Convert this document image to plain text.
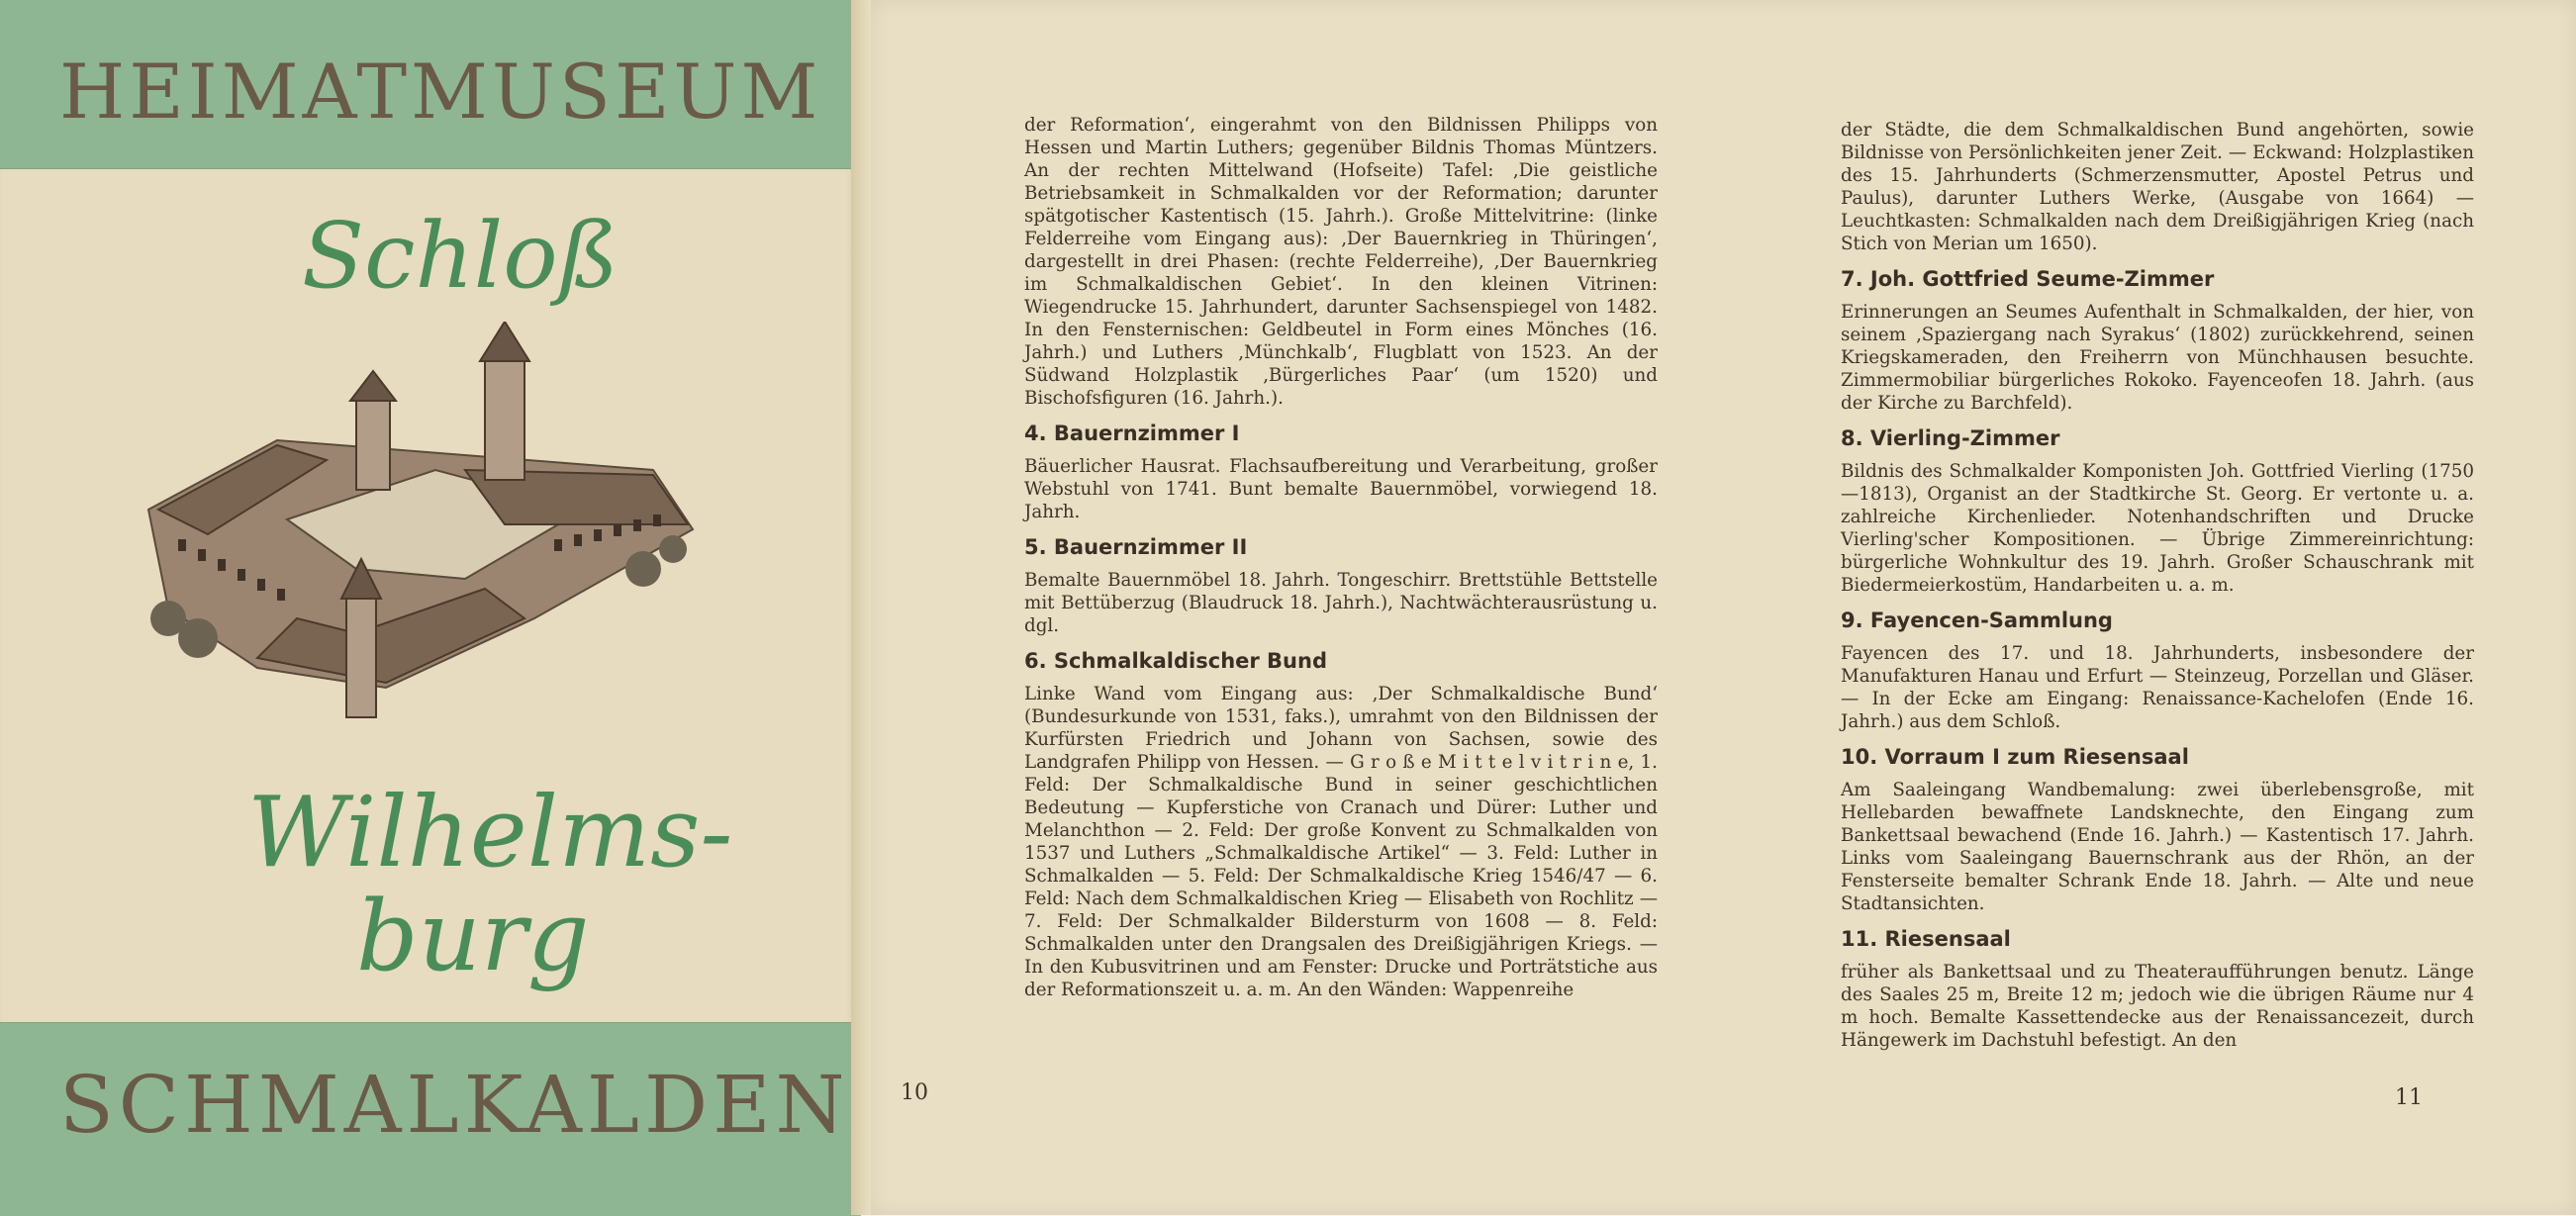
HEIMATMUSEUM
Schloß
Wilhelms-
burg
SCHMALKALDEN

der Reformation‘, eingerahmt von den Bildnissen Philipps von Hessen und Martin Luthers; gegenüber Bildnis Thomas Müntzers. An der rechten Mittelwand (Hofseite) Tafel: ‚Die geistliche Betriebsamkeit in Schmalkalden vor der Reformation; darunter spätgotischer Kastentisch (15. Jahrh.). Große Mittelvitrine: (linke Felderreihe vom Eingang aus): ‚Der Bauernkrieg in Thüringen‘, dargestellt in drei Phasen: (rechte Felderreihe), ‚Der Bauernkrieg im Schmalkaldischen Gebiet‘. In den kleinen Vitrinen: Wiegendrucke 15. Jahrhundert, darunter Sachsenspiegel von 1482. In den Fensternischen: Geldbeutel in Form eines Mönches (16. Jahrh.) und Luthers ‚Münchkalb‘, Flugblatt von 1523. An der Südwand Holzplastik ‚Bürgerliches Paar‘ (um 1520) und Bischofsfiguren (16. Jahrh.).

4. Bauernzimmer I

Bäuerlicher Hausrat. Flachsaufbereitung und Verarbeitung, großer Webstuhl von 1741. Bunt bemalte Bauernmöbel, vorwiegend 18. Jahrh.

5. Bauernzimmer II

Bemalte Bauernmöbel 18. Jahrh. Tongeschirr. Brettstühle Bettstelle mit Bettüberzug (Blaudruck 18. Jahrh.), Nachtwächterausrüstung u. dgl.

6. Schmalkaldischer Bund

Linke Wand vom Eingang aus: ‚Der Schmalkaldische Bund‘ (Bundesurkunde von 1531, faks.), umrahmt von den Bildnissen der Kurfürsten Friedrich und Johann von Sachsen, sowie des Landgrafen Philipp von Hessen. — G r o ß e M i t t e l v i t r i n e, 1. Feld: Der Schmalkaldische Bund in seiner geschichtlichen Bedeutung — Kupferstiche von Cranach und Dürer: Luther und Melanchthon — 2. Feld: Der große Konvent zu Schmalkalden von 1537 und Luthers „Schmalkaldische Artikel“ — 3. Feld: Luther in Schmalkalden — 5. Feld: Der Schmalkaldische Krieg 1546/47 — 6. Feld: Nach dem Schmalkaldischen Krieg — Elisabeth von Rochlitz — 7. Feld: Der Schmalkalder Bildersturm von 1608 — 8. Feld: Schmalkalden unter den Drangsalen des Dreißigjährigen Kriegs. — In den Kubusvitrinen und am Fenster: Drucke und Porträtstiche aus der Reformationszeit u. a. m. An den Wänden: Wappenreihe

10

der Städte, die dem Schmalkaldischen Bund angehörten, sowie Bildnisse von Persönlichkeiten jener Zeit. — Eckwand: Holzplastiken des 15. Jahrhunderts (Schmerzensmutter, Apostel Petrus und Paulus), darunter Luthers Werke, (Ausgabe von 1664) — Leuchtkasten: Schmalkalden nach dem Dreißigjährigen Krieg (nach Stich von Merian um 1650).

7. Joh. Gottfried Seume-Zimmer

Erinnerungen an Seumes Aufenthalt in Schmalkalden, der hier, von seinem ‚Spaziergang nach Syrakus‘ (1802) zurückkehrend, seinen Kriegskameraden, den Freiherrn von Münchhausen besuchte. Zimmermobiliar bürgerliches Rokoko. Fayenceofen 18. Jahrh. (aus der Kirche zu Barchfeld).

8. Vierling-Zimmer

Bildnis des Schmalkalder Komponisten Joh. Gottfried Vierling (1750—1813), Organist an der Stadtkirche St. Georg. Er vertonte u. a. zahlreiche Kirchenlieder. Notenhandschriften und Drucke Vierling'scher Kompositionen. — Übrige Zimmereinrichtung: bürgerliche Wohnkultur des 19. Jahrh. Großer Schauschrank mit Biedermeierkostüm, Handarbeiten u. a. m.

9. Fayencen-Sammlung

Fayencen des 17. und 18. Jahrhunderts, insbesondere der Manufakturen Hanau und Erfurt — Steinzeug, Porzellan und Gläser. — In der Ecke am Eingang: Renaissance-Kachelofen (Ende 16. Jahrh.) aus dem Schloß.

10. Vorraum I zum Riesensaal

Am Saaleingang Wandbemalung: zwei überlebensgroße, mit Hellebarden bewaffnete Landsknechte, den Eingang zum Bankettsaal bewachend (Ende 16. Jahrh.) — Kastentisch 17. Jahrh. Links vom Saaleingang Bauernschrank aus der Rhön, an der Fensterseite bemalter Schrank Ende 18. Jahrh. — Alte und neue Stadtansichten.

11. Riesensaal

früher als Bankettsaal und zu Theateraufführungen benutz. Länge des Saales 25 m, Breite 12 m; jedoch wie die übrigen Räume nur 4 m hoch. Bemalte Kassettendecke aus der Renaissancezeit, durch Hängewerk im Dachstuhl befestigt. An den

11
